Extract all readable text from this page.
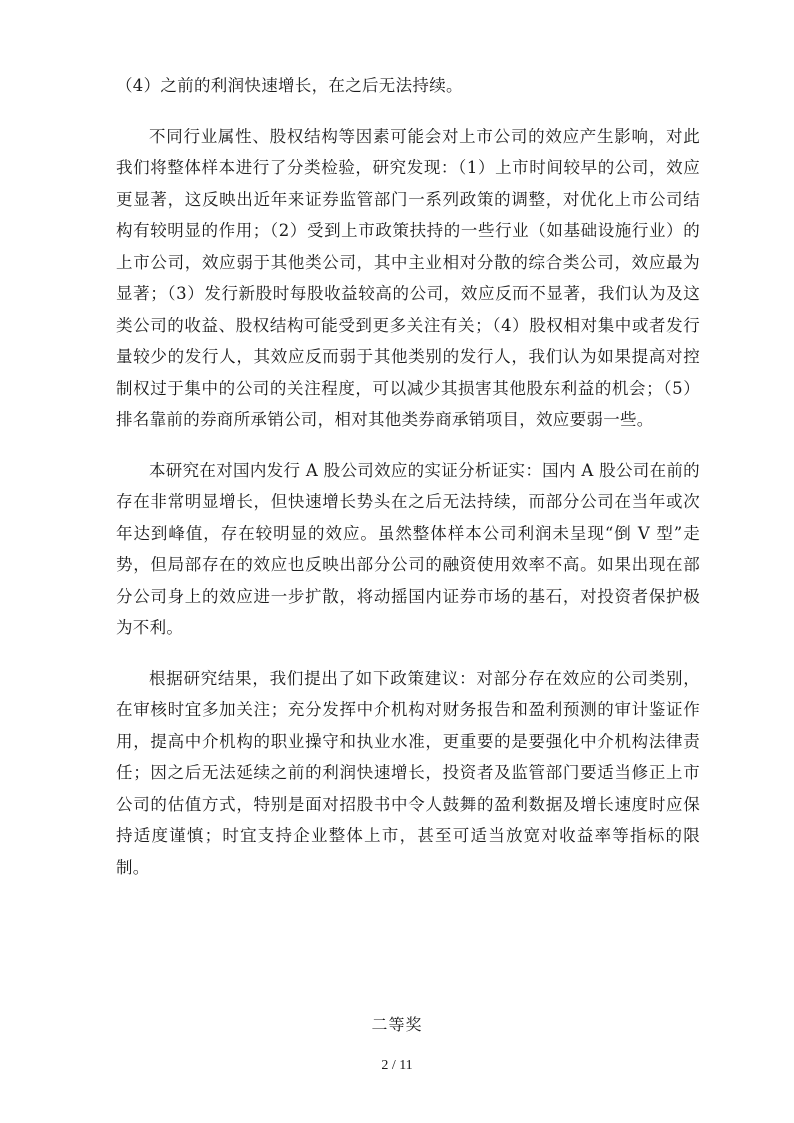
（4）之前的利润快速增长，在之后无法持续。

不同行业属性、股权结构等因素可能会对上市公司的效应产生影响，对此我们将整体样本进行了分类检验，研究发现：（1）上市时间较早的公司，效应更显著，这反映出近年来证券监管部门一系列政策的调整，对优化上市公司结构有较明显的作用；（2）受到上市政策扶持的一些行业（如基础设施行业）的上市公司，效应弱于其他类公司，其中主业相对分散的综合类公司，效应最为显著；（3）发行新股时每股收益较高的公司，效应反而不显著，我们认为及这类公司的收益、股权结构可能受到更多关注有关；（4）股权相对集中或者发行量较少的发行人，其效应反而弱于其他类别的发行人，我们认为如果提高对控制权过于集中的公司的关注程度，可以减少其损害其他股东利益的机会；（5）排名靠前的券商所承销公司，相对其他类券商承销项目，效应要弱一些。

本研究在对国内发行 A 股公司效应的实证分析证实：国内 A 股公司在前的存在非常明显增长，但快速增长势头在之后无法持续，而部分公司在当年或次年达到峰值，存在较明显的效应。虽然整体样本公司利润未呈现“倒 V 型”走势，但局部存在的效应也反映出部分公司的融资使用效率不高。如果出现在部分公司身上的效应进一步扩散，将动摇国内证券市场的基石，对投资者保护极为不利。

根据研究结果，我们提出了如下政策建议：对部分存在效应的公司类别，在审核时宜多加关注；充分发挥中介机构对财务报告和盈利预测的审计鉴证作用，提高中介机构的职业操守和执业水准，更重要的是要强化中介机构法律责任；因之后无法延续之前的利润快速增长，投资者及监管部门要适当修正上市公司的估值方式，特别是面对招股书中令人鼓舞的盈利数据及增长速度时应保持适度谨慎；时宜支持企业整体上市，甚至可适当放宽对收益率等指标的限制。

二等奖
2 / 11
